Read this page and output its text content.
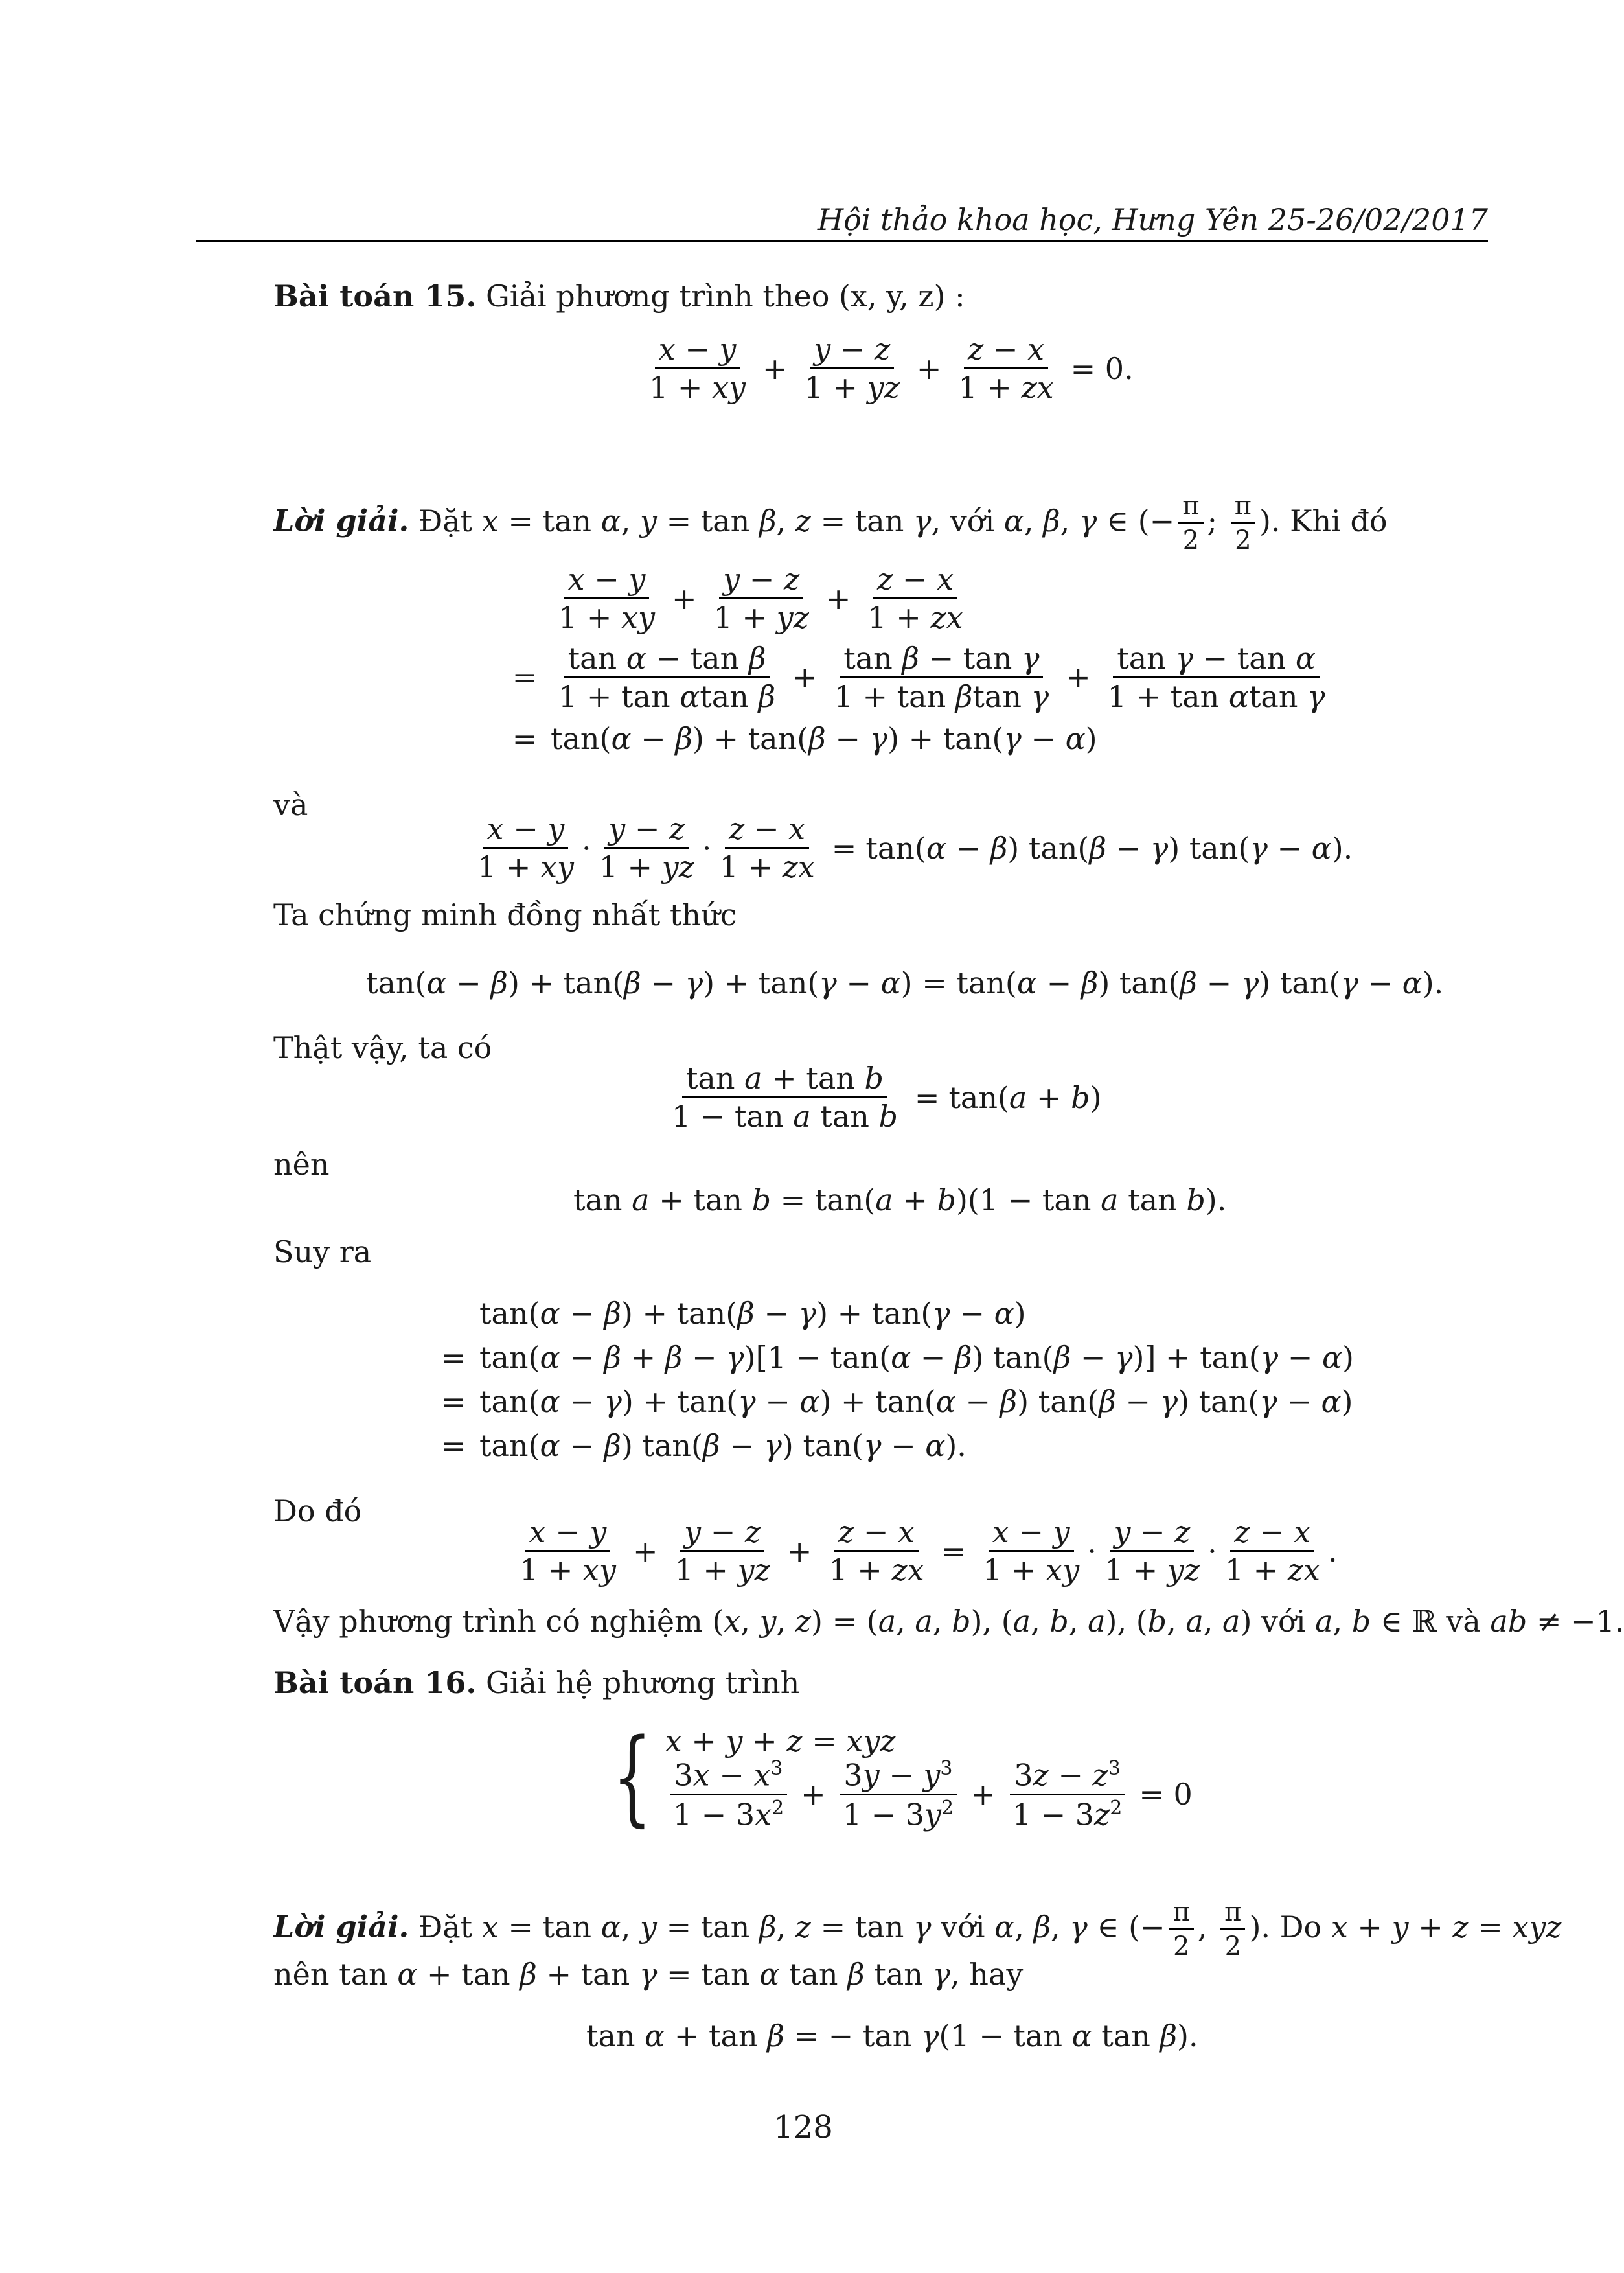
Hội thảo khoa học, Hưng Yên 25-26/02/2017
Bài toán 15. Giải phương trình theo (x, y, z) :
$\frac{x - y}{1 + xy} + \frac{y - z}{1 + yz} + \frac{z - x}{1 + zx} = 0$.
Lời giải. Đặt x = tan α, y = tan β, z = tan γ, với α, β, γ ∈ (− $\frac{\pi}{2}$ ; $\frac{\pi}{2}$ ). Khi đó
$\frac{x - y}{1 + xy} + \frac{y - z}{1 + yz} + \frac{z - x}{1 + zx}$
= $\frac{\text{tan α − tan β}}{\text{1 + tan αtan β}} + \frac{\text{tan β − tan γ}}{\text{1 + tan βtan γ}} + \frac{\text{tan γ − tan α}}{\text{1 + tan αtan γ}}$
= tan(α − β) + tan(β − γ) + tan(γ − α)
và
$\frac{x - y}{1 + xy} \cdot \frac{y - z}{1 + yz} \cdot \frac{z - x}{1 + zx} = \tan(\alpha - \beta) \tan(\beta - \gamma) \tan(\gamma - \alpha)$.
Ta chứng minh đồng nhất thức
tan(α − β) + tan(β − γ) + tan(γ − α) = tan(α − β) tan(β − γ) tan(γ − α).
Thật vậy, ta có
$\frac{\text{tan a + tan b}}{\text{1 − tan a tan b}} = \tan(a + b)$
nên
tan a + tan b = tan(a + b)(1 − tan a tan b).
Suy ra
tan(α − β) + tan(β − γ) + tan(γ − α)
= tan(α − β + β − γ)[1 − tan(α − β) tan(β − γ)] + tan(γ − α)
= tan(α − γ) + tan(γ − α) + tan(α − β) tan(β − γ) tan(γ − α)
= tan(α − β) tan(β − γ) tan(γ − α).
Do đó
$\frac{x - y}{1 + xy} + \frac{y - z}{1 + yz} + \frac{z - x}{1 + zx} = \frac{x - y}{1 + xy} \cdot \frac{y - z}{1 + yz} \cdot \frac{z - x}{1 + zx}$ .
Vậy phương trình có nghiệm (x, y, z) = (a, a, b), (a, b, a), (b, a, a) với a, b ∈ ℝ và ab ≠ −1.
Bài toán 16. Giải hệ phương trình
{ x + y + z = xyz
$\frac{3x - x^3}{1 - 3x^2} + \frac{3y - y^3}{1 - 3y^2} + \frac{3z - z^3}{1 - 3z^2} = 0$
Lời giải. Đặt x = tan α, y = tan β, z = tan γ với α, β, γ ∈ (− $\frac{\pi}{2}$ , $\frac{\pi}{2}$ ). Do x + y + z = xyz
nên tan α + tan β + tan γ = tan α tan β tan γ, hay
tan α + tan β = − tan γ(1 − tan α tan β).
128
